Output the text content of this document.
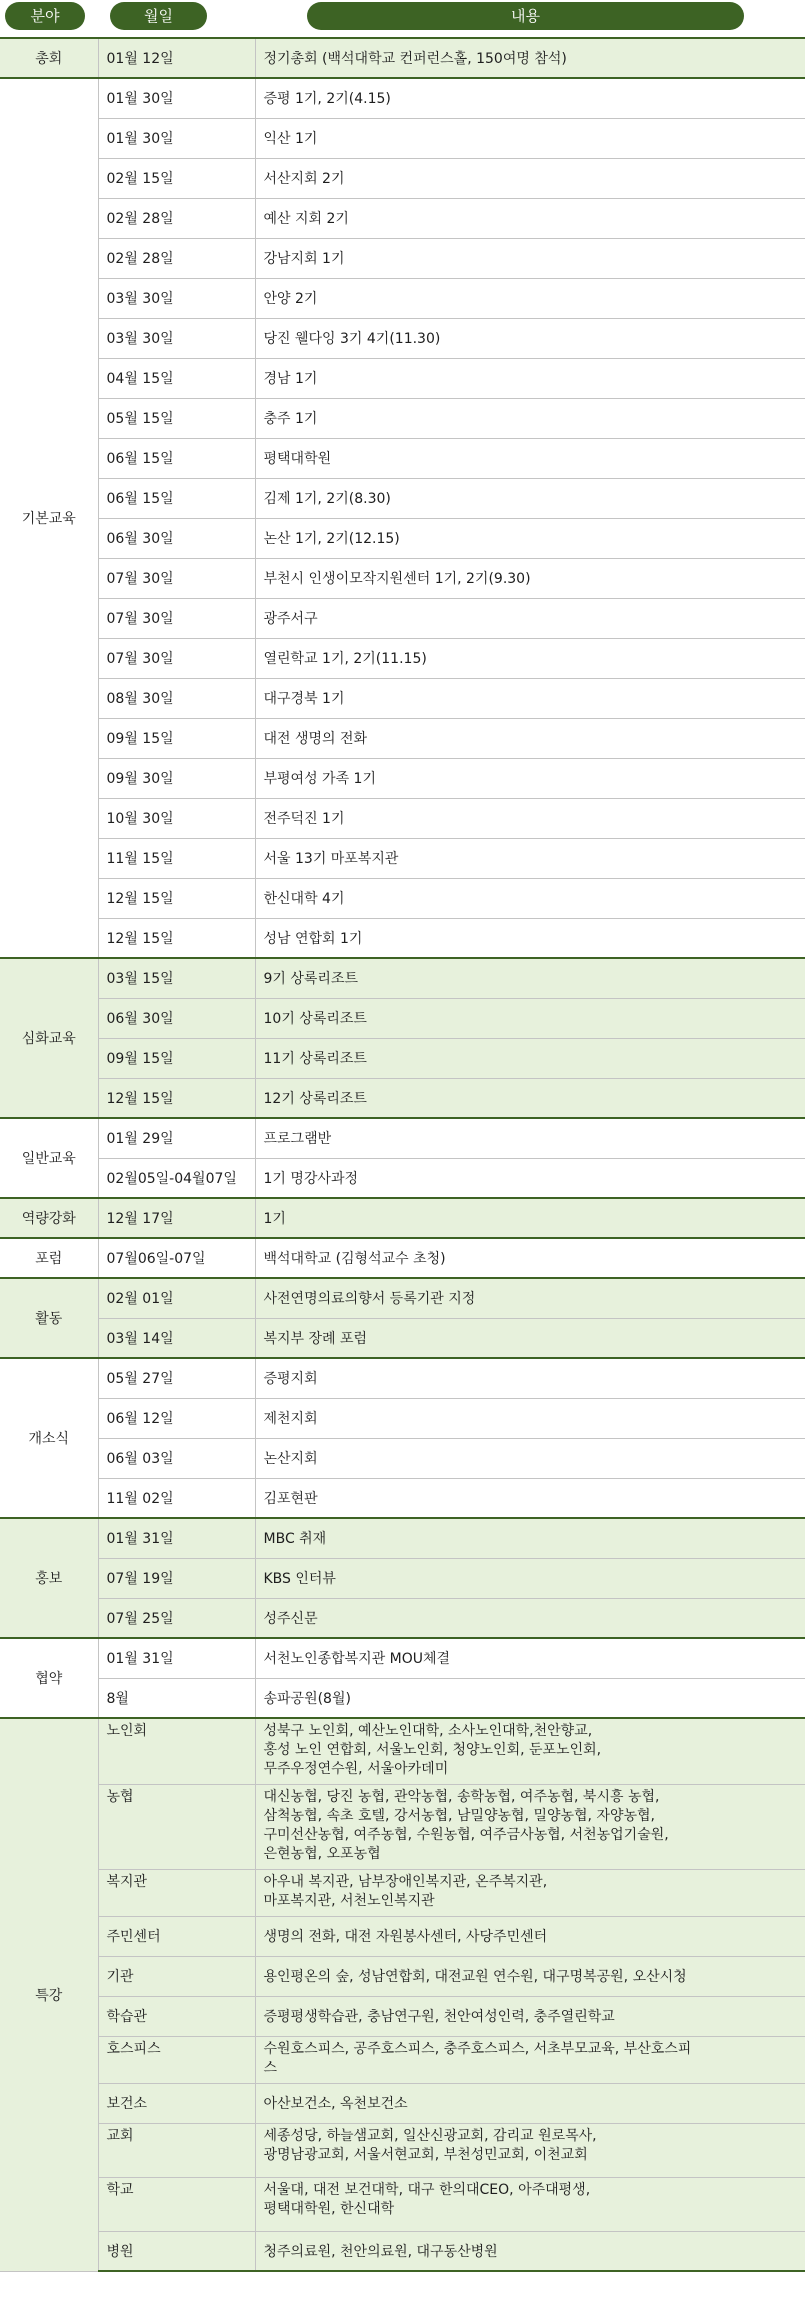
분야	월일	내용
총회	01월 12일	정기총회 (백석대학교 컨퍼런스홀, 150여명 참석)
기본교육	01월 30일	증평 1기, 2기(4.15)
	01월 30일	익산 1기
	02월 15일	서산지회 2기
	02월 28일	예산 지회 2기
	02월 28일	강남지회 1기
	03월 30일	안양 2기
	03월 30일	당진 웰다잉 3기 4기(11.30)
	04월 15일	경남 1기
	05월 15일	충주 1기
	06월 15일	평택대학원
	06월 15일	김제 1기, 2기(8.30)
	06월 30일	논산 1기, 2기(12.15)
	07월 30일	부천시 인생이모작지원센터 1기, 2기(9.30)
	07월 30일	광주서구
	07월 30일	열린학교 1기, 2기(11.15)
	08월 30일	대구경북 1기
	09월 15일	대전 생명의 전화
	09월 30일	부평여성 가족 1기
	10월 30일	전주덕진 1기
	11월 15일	서울 13기 마포복지관
	12월 15일	한신대학 4기
	12월 15일	성남 연합회 1기
심화교육	03월 15일	9기 상록리조트
	06월 30일	10기 상록리조트
	09월 15일	11기 상록리조트
	12월 15일	12기 상록리조트
일반교육	01월 29일	프로그램반
	02월05일-04월07일	1기 명강사과정
역량강화	12월 17일	1기
포럼	07월06일-07일	백석대학교 (김형석교수 초청)
활동	02월 01일	사전연명의료의향서 등록기관 지정
	03월 14일	복지부 장례 포럼
개소식	05월 27일	증평지회
	06월 12일	제천지회
	06월 03일	논산지회
	11월 02일	김포현판
홍보	01월 31일	MBC 취재
	07월 19일	KBS 인터뷰
	07월 25일	성주신문
협약	01월 31일	서천노인종합복지관 MOU체결
	8월	송파공원(8월)
특강	노인회	성북구 노인회, 예산노인대학, 소사노인대학,천안향교,
홍성 노인 연합회, 서울노인회, 청양노인회, 둔포노인회,
무주우정연수원, 서울아카데미
	농협	대신농협, 당진 농협, 관악농협, 송학농협, 여주농협, 북시흥 농협,
삼척농협, 속초 호텔, 강서농협, 남밀양농협, 밀양농협, 자양농협,
구미선산농협, 여주농협, 수원농협, 여주금사농협, 서천농업기술원,
은현농협, 오포농협
	복지관	아우내 복지관, 남부장애인복지관, 온주복지관,
마포복지관, 서천노인복지관
	주민센터	생명의 전화, 대전 자원봉사센터, 사당주민센터
	기관	용인평온의 숲, 성남연합회, 대전교원 연수원, 대구명복공원, 오산시청
	학습관	증평평생학습관, 충남연구원, 천안여성인력, 충주열린학교
	호스피스	수원호스피스, 공주호스피스, 충주호스피스, 서초부모교육, 부산호스피
스
	보건소	아산보건소, 옥천보건소
	교회	세종성당, 하늘샘교회, 일산신광교회, 감리교 원로목사,
광명남광교회, 서울서현교회, 부천성민교회, 이천교회
	학교	서울대, 대전 보건대학, 대구 한의대CEO, 아주대평생,
평택대학원, 한신대학
	병원	청주의료원, 천안의료원, 대구동산병원
